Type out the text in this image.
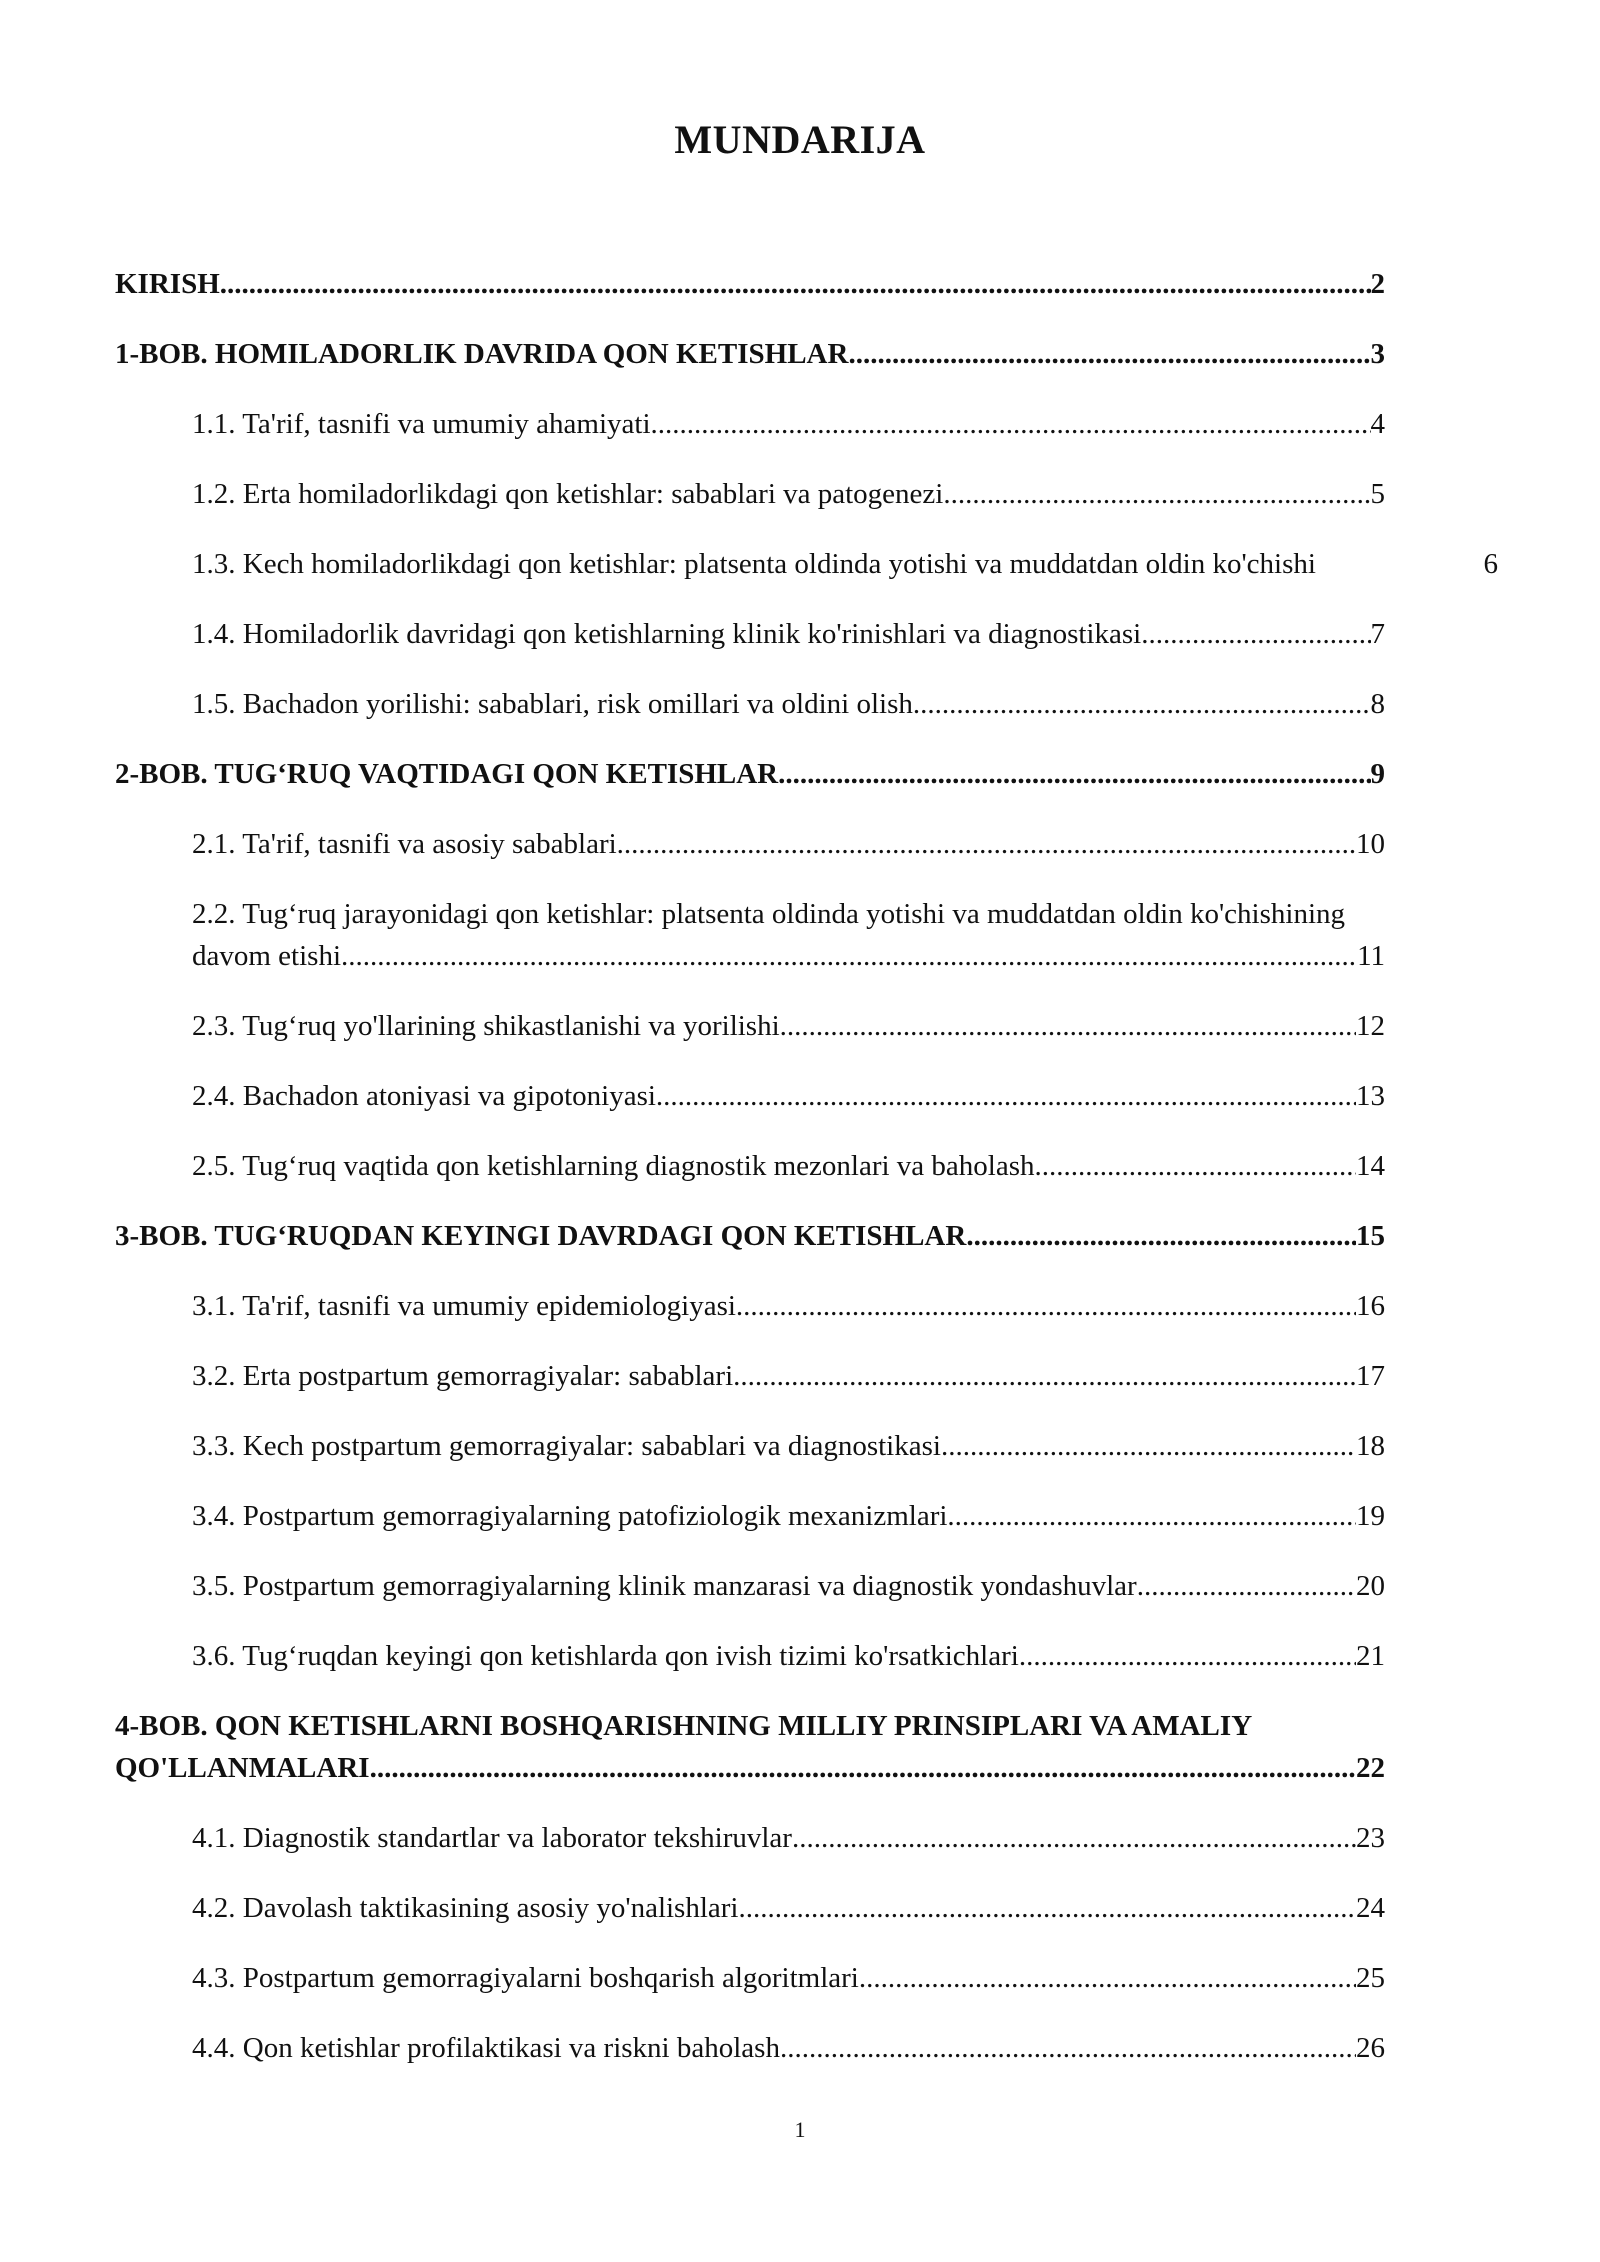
MUNDARIJA
KIRISH .....	2
1-BOB. HOMILADORLIK DAVRIDA QON KETISHLAR .....	3
1.1. Ta'rif, tasnifi va umumiy ahamiyati .....	4
1.2. Erta homiladorlikdagi qon ketishlar: sabablari va patogenezi .....	5
1.3. Kech homiladorlikdagi qon ketishlar: platsenta oldinda yotishi va muddatdan oldin ko'chishi	6
1.4. Homiladorlik davridagi qon ketishlarning klinik ko'rinishlari va diagnostikasi .....	7
1.5. Bachadon yorilishi: sabablari, risk omillari va oldini olish .....	8
2-BOB. TUG‘RUQ VAQTIDAGI QON KETISHLAR .....	9
2.1. Ta'rif, tasnifi va asosiy sabablari .....	10
2.2. Tug‘ruq jarayonidagi qon ketishlar: platsenta oldinda yotishi va muddatdan oldin ko'chishining
davom etishi .....	11
2.3. Tug‘ruq yo'llarining shikastlanishi va yorilishi .....	12
2.4. Bachadon atoniyasi va gipotoniyasi .....	13
2.5. Tug‘ruq vaqtida qon ketishlarning diagnostik mezonlari va baholash .....	14
3-BOB. TUG‘RUQDAN KEYINGI DAVRDAGI QON KETISHLAR .....	15
3.1. Ta'rif, tasnifi va umumiy epidemiologiyasi .....	16
3.2. Erta postpartum gemorragiyalar: sabablari .....	17
3.3. Kech postpartum gemorragiyalar: sabablari va diagnostikasi .....	18
3.4. Postpartum gemorragiyalarning patofiziologik mexanizmlari .....	19
3.5. Postpartum gemorragiyalarning klinik manzarasi va diagnostik yondashuvlar .....	20
3.6. Tug‘ruqdan keyingi qon ketishlarda qon ivish tizimi ko'rsatkichlari .....	21
4-BOB. QON KETISHLARNI BOSHQARISHNING MILLIY PRINSIPLARI VA AMALIY
QO'LLANMALARI .....	22
4.1. Diagnostik standartlar va laborator tekshiruvlar .....	23
4.2. Davolash taktikasining asosiy yo'nalishlari .....	24
4.3. Postpartum gemorragiyalarni boshqarish algoritmlari .....	25
4.4. Qon ketishlar profilaktikasi va riskni baholash .....	26
1
